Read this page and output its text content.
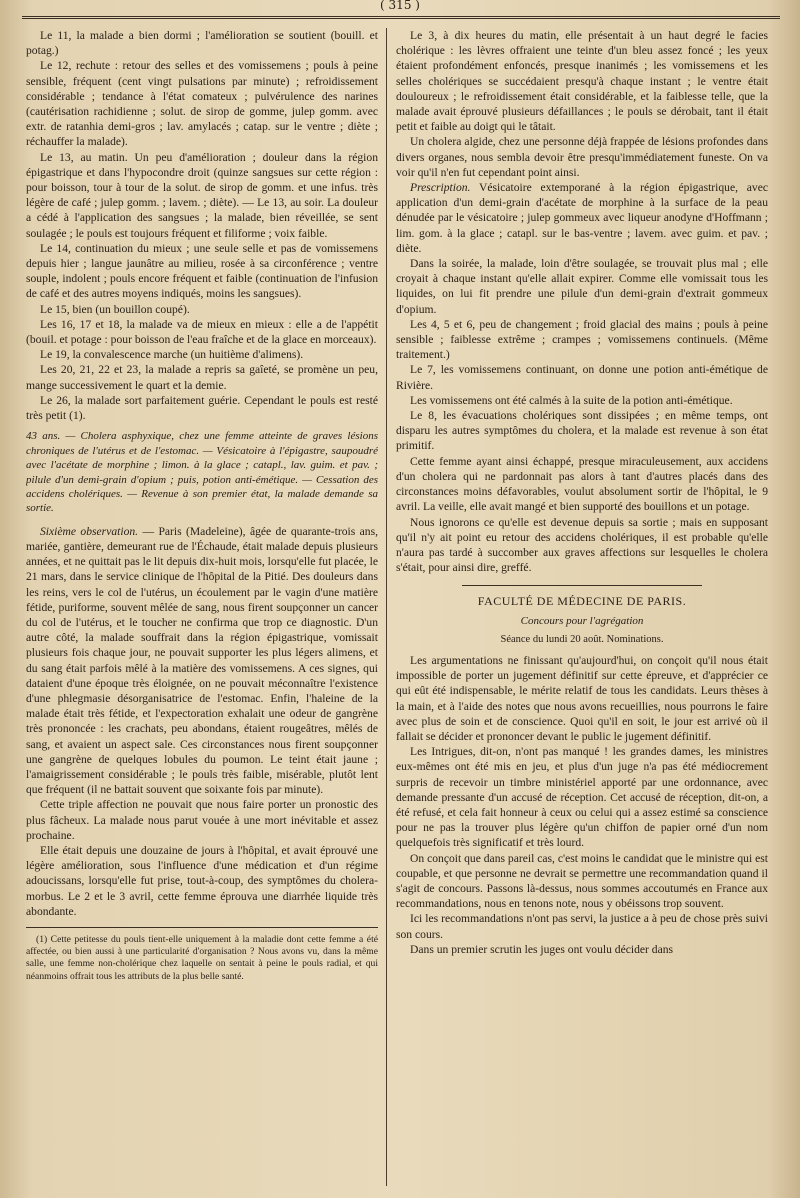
( 315 )

Le 11, la malade a bien dormi ; l'amélioration se soutient (bouill. et potag.)

Le 12, rechute : retour des selles et des vomissemens ; pouls à peine sensible, fréquent (cent vingt pulsations par minute) ; refroidissement considérable ; tendance à l'état comateux ; pulvérulence des narines (cautérisation rachidienne ; solut. de sirop de gomme, julep gomm. avec extr. de ratanhia demi-gros ; lav. amylacés ; catap. sur le ventre ; diète ; réchauffer la malade).

Le 13, au matin. Un peu d'amélioration ; douleur dans la région épigastrique et dans l'hypocondre droit (quinze sangsues sur cette région : pour boisson, tour à tour de la solut. de sirop de gomm. et une infus. très légère de café ; julep gomm. ; lavem. ; diète). — Le 13, au soir. La douleur a cédé à l'application des sangsues ; la malade, bien réveillée, se sent soulagée ; le pouls est toujours fréquent et filiforme ; voix faible.

Le 14, continuation du mieux ; une seule selle et pas de vomissemens depuis hier ; langue jaunâtre au milieu, rosée à sa circonférence ; ventre souple, indolent ; pouls encore fréquent et faible (continuation de l'infusion de café et des autres moyens indiqués, moins les sangsues).

Le 15, bien (un bouillon coupé).

Les 16, 17 et 18, la malade va de mieux en mieux : elle a de l'appétit (bouil. et potage : pour boisson de l'eau fraîche et de la glace en morceaux).

Le 19, la convalescence marche (un huitième d'alimens).

Les 20, 21, 22 et 23, la malade a repris sa gaîeté, se promène un peu, mange successivement le quart et la demie.

Le 26, la malade sort parfaitement guérie. Cependant le pouls est resté très petit (1).

43 ans. — Cholera asphyxique, chez une femme atteinte de graves lésions chroniques de l'utérus et de l'estomac. — Vésicatoire à l'épigastre, saupoudré avec l'acétate de morphine ; limon. à la glace ; catapl., lav. guim. et pav. ; pilule d'un demi-grain d'opium ; puis, potion anti-émétique. — Cessation des accidens cholériques. — Revenue à son premier état, la malade demande sa sortie.

Sixième observation. — Paris (Madeleine), âgée de quarante-trois ans, mariée, gantière, demeurant rue de l'Échaude, était malade depuis plusieurs années, et ne quittait pas le lit depuis dix-huit mois, lorsqu'elle fut placée, le 21 mars, dans le service clinique de l'hôpital de la Pitié. Des douleurs dans les reins, vers le col de l'utérus, un écoulement par le vagin d'une matière fétide, puriforme, souvent mêlée de sang, nous firent soupçonner un cancer du col de l'utérus, et le toucher ne confirma que trop ce diagnostic. D'un autre côté, la malade souffrait dans la région épigastrique, vomissait plusieurs fois chaque jour, ne pouvait supporter les plus légers alimens, et du sang était parfois mêlé à la matière des vomissemens. A ces signes, qui dataient d'une époque très éloignée, on ne pouvait méconnaître l'existence d'une phlegmasie désorganisatrice de l'estomac. Enfin, l'haleine de la malade était très fétide, et l'expectoration exhalait une odeur de gangrène très prononcée : les crachats, peu abondans, étaient rougeâtres, mêlés de sang, et avaient un aspect sale. Ces circonstances nous firent soupçonner une gangrène de quelques lobules du poumon. Le teint était jaune ; l'amaigrissement considérable ; le pouls très faible, misérable, plutôt lent que fréquent (il ne battait souvent que soixante fois par minute).

Cette triple affection ne pouvait que nous faire porter un pronostic des plus fâcheux. La malade nous parut vouée à une mort inévitable et assez prochaine.

Elle était depuis une douzaine de jours à l'hôpital, et avait éprouvé une légère amélioration, sous l'influence d'une médication et d'un régime adoucissans, lorsqu'elle fut prise, tout-à-coup, des symptômes du cholera-morbus. Le 2 et le 3 avril, cette femme éprouva une diarrhée liquide très abondante.

(1) Cette petitesse du pouls tient-elle uniquement à la maladie dont cette femme a été affectée, ou bien aussi à une particularité d'organisation ? Nous avons vu, dans la même salle, une femme non-cholérique chez laquelle on sentait à peine le pouls radial, et qui néanmoins offrait tous les attributs de la plus belle santé.

Le 3, à dix heures du matin, elle présentait à un haut degré le facies cholérique : les lèvres offraient une teinte d'un bleu assez foncé ; les yeux étaient profondément enfoncés, presque inanimés ; les vomissemens et les selles cholériques se succédaient presqu'à chaque instant ; le ventre était douloureux ; le refroidissement était considérable, et la faiblesse telle, que la malade avait éprouvé plusieurs défaillances ; le pouls se dérobait, tant il était petit et faible au doigt qui le tâtait.

Un cholera algide, chez une personne déjà frappée de lésions profondes dans divers organes, nous sembla devoir être presqu'immédiatement funeste. On va voir qu'il n'en fut cependant point ainsi.

Prescription. Vésicatoire extemporané à la région épigastrique, avec application d'un demi-grain d'acétate de morphine à la surface de la peau dénudée par le vésicatoire ; julep gommeux avec liqueur anodyne d'Hoffmann ; lim. gom. à la glace ; catapl. sur le bas-ventre ; lavem. avec guim. et pav. ; diète.

Dans la soirée, la malade, loin d'être soulagée, se trouvait plus mal ; elle croyait à chaque instant qu'elle allait expirer. Comme elle vomissait tous les liquides, on lui fit prendre une pilule d'un demi-grain d'extrait gommeux d'opium.

Les 4, 5 et 6, peu de changement ; froid glacial des mains ; pouls à peine sensible ; faiblesse extrême ; crampes ; vomissemens continuels. (Même traitement.)

Le 7, les vomissemens continuant, on donne une potion anti-émétique de Rivière.

Les vomissemens ont été calmés à la suite de la potion anti-émétique.

Le 8, les évacuations cholériques sont dissipées ; en même temps, ont disparu les autres symptômes du cholera, et la malade est revenue à son état primitif.

Cette femme ayant ainsi échappé, presque miraculeusement, aux accidens d'un cholera qui ne pardonnait pas alors à tant d'autres placés dans des circonstances moins défavorables, voulut absolument sortir de l'hôpital, le 9 avril. La veille, elle avait mangé et bien supporté des bouillons et un potage.

Nous ignorons ce qu'elle est devenue depuis sa sortie ; mais en supposant qu'il n'y ait point eu retour des accidens cholériques, il est probable qu'elle n'aura pas tardé à succomber aux graves affections sur lesquelles le cholera s'était, pour ainsi dire, greffé.

FACULTÉ DE MÉDECINE DE PARIS.

Concours pour l'agrégation

Séance du lundi 20 août. Nominations.

Les argumentations ne finissant qu'aujourd'hui, on conçoit qu'il nous était impossible de porter un jugement définitif sur cette épreuve, et d'apprécier ce qui eût été indispensable, le mérite relatif de tous les candidats. Leurs thèses à la main, et à l'aide des notes que nous avons recueillies, nous pourrons le faire avec plus de soin et de conscience. Quoi qu'il en soit, le jour est arrivé où il fallait se décider et prononcer devant le public le jugement définitif.

Les Intrigues, dit-on, n'ont pas manqué ! les grandes dames, les ministres eux-mêmes ont été mis en jeu, et plus d'un juge n'a pas été médiocrement surpris de recevoir un timbre ministériel apporté par une ordonnance, avec demande pressante d'un accusé de réception. Cet accusé de réception, dit-on, a été refusé, et cela fait honneur à ceux ou celui qui a assez estimé sa conscience pour ne pas la trouver plus légère qu'un chiffon de papier orné d'un nom quelquefois très significatif et très lourd.

On conçoit que dans pareil cas, c'est moins le candidat que le ministre qui est coupable, et que personne ne devrait se permettre une recommandation quand il s'agit de concours. Passons là-dessus, nous sommes accoutumés en France aux recommandations, nous en tenons note, nous y obéissons trop souvent.

Ici les recommandations n'ont pas servi, la justice a à peu de chose près suivi son cours.

Dans un premier scrutin les juges ont voulu décider dans
